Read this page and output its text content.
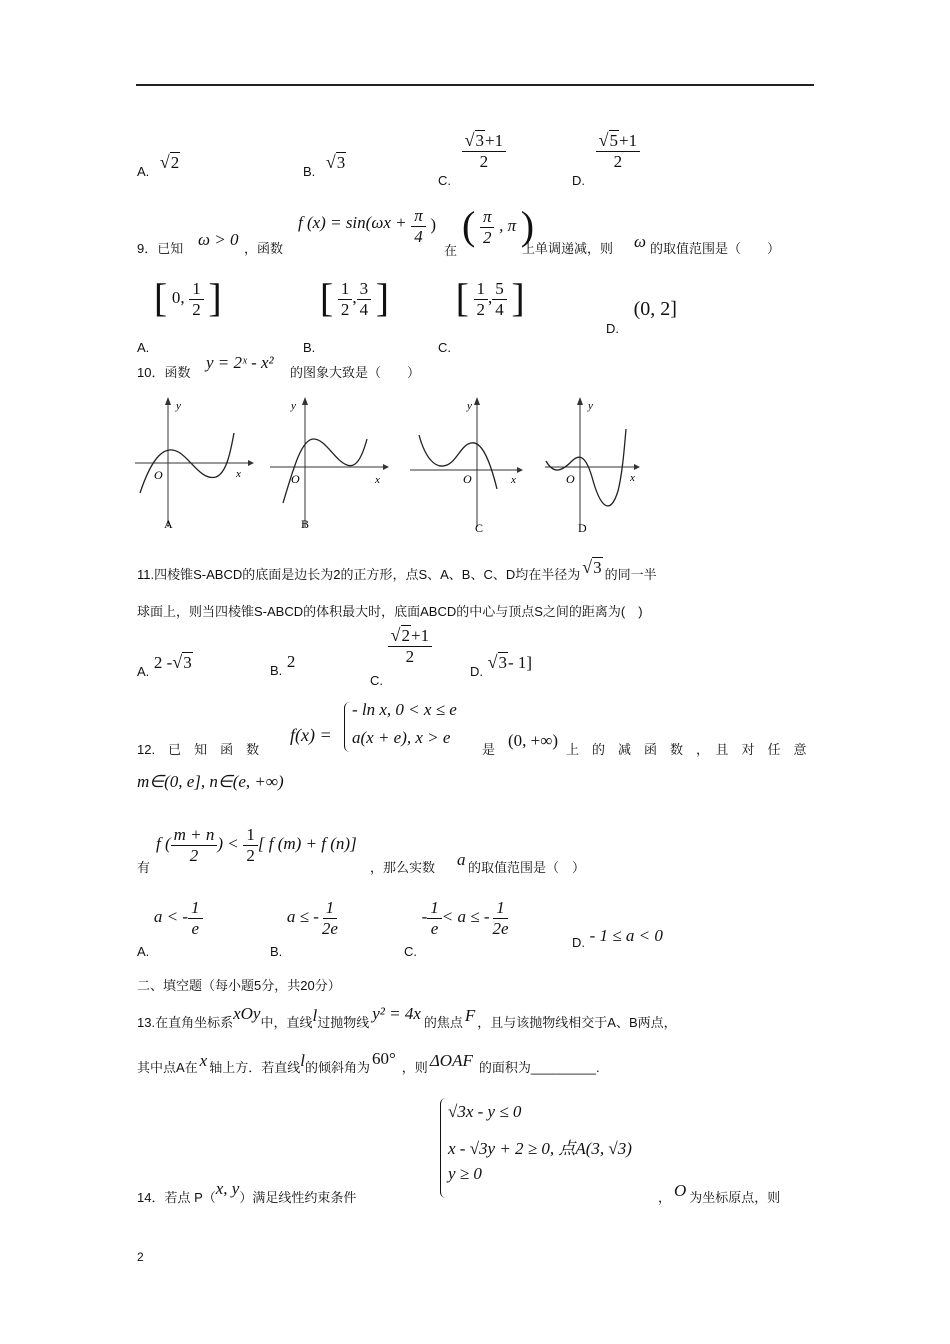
A. √ 2	B. √ 3
C.
$\frac{√ 3 +1}{2}$
D.
$\frac{√ 5 +1}{2}$
9．已知 ω > 0 ，函数
f $(x) = \sin(\omega x + \frac{\pi}{4}$ )
在
( $\frac{\pi}{2}$ , π )
上单调递减，则 ω 的取值范围是（　　）
A. [ 0, $\frac{1}{2}$ ]
B. [ $\frac{1}{2}$ , $\frac{3}{4}$ ]
C. [ $\frac{1}{2}$ , $\frac{5}{4}$ ]
D. (0, 2]
10．函数
y = 2ˣ - x²
的图象大致是（　　）
y
x
O
A
y
x
O
B
y
x
O
C
y
x
O
D
11.四棱锥S-ABCD的底面是边长为2的正方形，点S、A、B、C、D均在半径为 √ 3 的同一半
球面上，则当四棱锥S-ABCD的体积最大时，底面ABCD的中心与顶点S之间的距离为(　)
A. 2 - √ 3	B. 2
C.
$\frac{√ 2 +1}{2}$
D. √ 3 - 1]
12.　已　知　函　数
f(x) =
- ln x, 0 < x ≤ e
a(x + e), x > e
是 (0, +∞) 上　的　减　函　数　，　且　对　任　意
m∈(0, e], n∈(e, +∞)
有
f ( $\frac{m + n}{2}$ ) < $\frac{1}{2}$ [ f (m) + f (n)]
，那么实数 a 的取值范围是（　）
A. a < - $\frac{1}{e}$
B. a ≤ - $\frac{1}{2e}$
C. - $\frac{1}{e} < a$ ≤ - $\frac{1}{2e}$
D. - 1 ≤ a < 0
二、填空题（每小题5分，共20分）
13.在直角坐标系xOy中，直线l过抛物线 y² = 4x 的焦点 F ，且与该抛物线相交于A、B两点，
其中点A在 x 轴上方．若直线l的倾斜角为 60° ，则 ΔOAF 的面积为_________.
√3x - y ≤ 0
x - √3y + 2 ≥ 0, 点A(3, √3)
y ≥ 0
14．若点 P（x, y）满足线性约束条件	， O 为坐标原点，则
2
